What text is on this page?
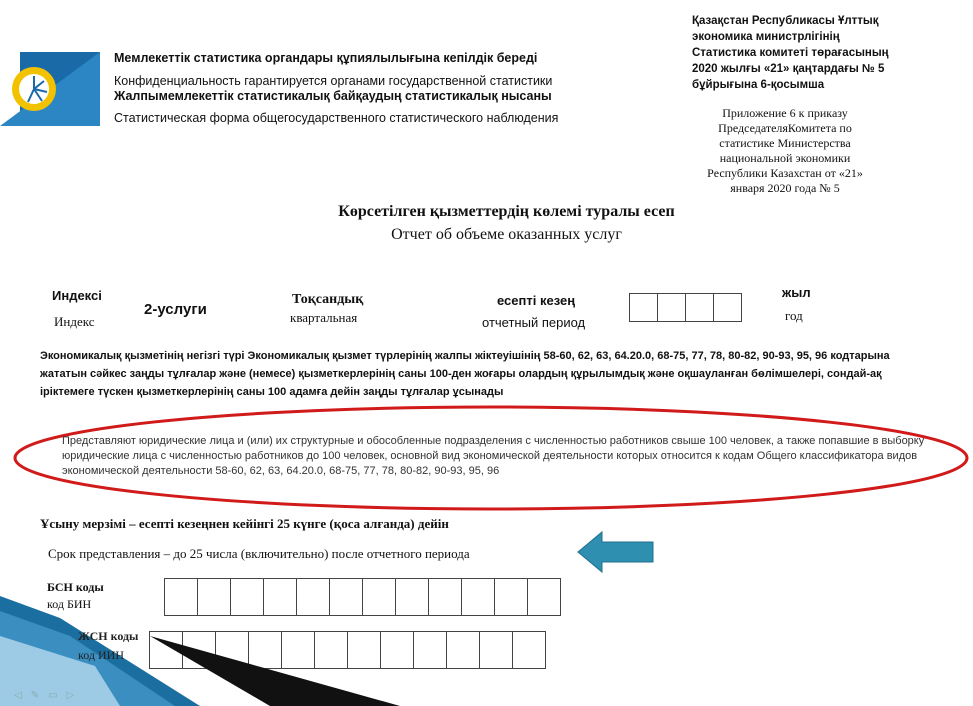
Мемлекеттік статистика органдары құпиялылығына кепілдік береді
Конфиденциальность гарантируется органами государственной статистики
Жалпымемлекеттік статистикалық байқаудың статистикалық нысаны
Статистическая форма общегосударственного статистического наблюдения
Қазақстан Республикасы Ұлттық
экономика министрлігінің
Статистика комитеті төрағасының
2020 жылғы «21» қаңтардағы № 5
бұйрығына 6-қосымша
Приложение 6 к приказу
ПредседателяКомитета по
статистике Министерства
национальной экономики
Республики Казахстан от «21»
января 2020 года № 5
Көрсетілген қызметтердің көлемі туралы есеп
Отчет об объеме оказанных услуг
Индексі
Индекс
2-услуги
Тоқсандық
квартальная
есепті кезең
отчетный период
жыл
год
Экономикалық қызметінің негізгі түрі Экономикалық қызмет түрлерінің жалпы жіктеуішінің 58-60, 62, 63, 64.20.0, 68-75, 77, 78, 80-82, 90-93, 95, 96 кодтарына жататын сәйкес заңды тұлғалар және (немесе) қызметкерлерінің саны 100-ден жоғары олардың құрылымдық және оқшауланған бөлімшелері, сондай-ақ іріктемеге түскен қызметкерлерінің саны 100 адамға дейін заңды тұлғалар ұсынады
Представляют юридические лица и (или) их структурные и обособленные подразделения с численностью работников свыше 100 человек, а также попавшие в выборку юридические лица с численностью работников до 100 человек, основной вид экономической деятельности которых относится к кодам Общего классификатора видов экономической деятельности 58-60, 62, 63, 64.20.0, 68-75, 77, 78, 80-82, 90-93, 95, 96
Ұсыну мерзімі – есепті кезеңнен кейінгі 25 күнге (қоса алғанда) дейін
Срок представления – до 25 числа (включительно) после отчетного периода
БСН коды
код БИН
ЖСН коды
код ИИН
◁ ✎ ▭ ▷
